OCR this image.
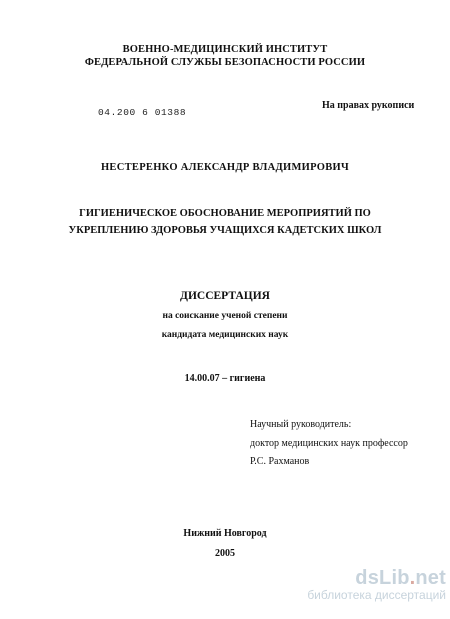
ВОЕННО-МЕДИЦИНСКИЙ ИНСТИТУТ
ФЕДЕРАЛЬНОЙ СЛУЖБЫ БЕЗОПАСНОСТИ РОССИИ
04.200 6 01388
На правах рукописи
НЕСТЕРЕНКО АЛЕКСАНДР ВЛАДИМИРОВИЧ
ГИГИЕНИЧЕСКОЕ ОБОСНОВАНИЕ МЕРОПРИЯТИЙ ПО
УКРЕПЛЕНИЮ ЗДОРОВЬЯ УЧАЩИХСЯ КАДЕТСКИХ ШКОЛ
ДИССЕРТАЦИЯ
на соискание ученой степени
кандидата медицинских наук
14.00.07 – гигиена
Научный руководитель:
доктор медицинских наук профессор
Р.С. Рахманов
Нижний Новгород
2005
dsLib.net
библиотека диссертаций
